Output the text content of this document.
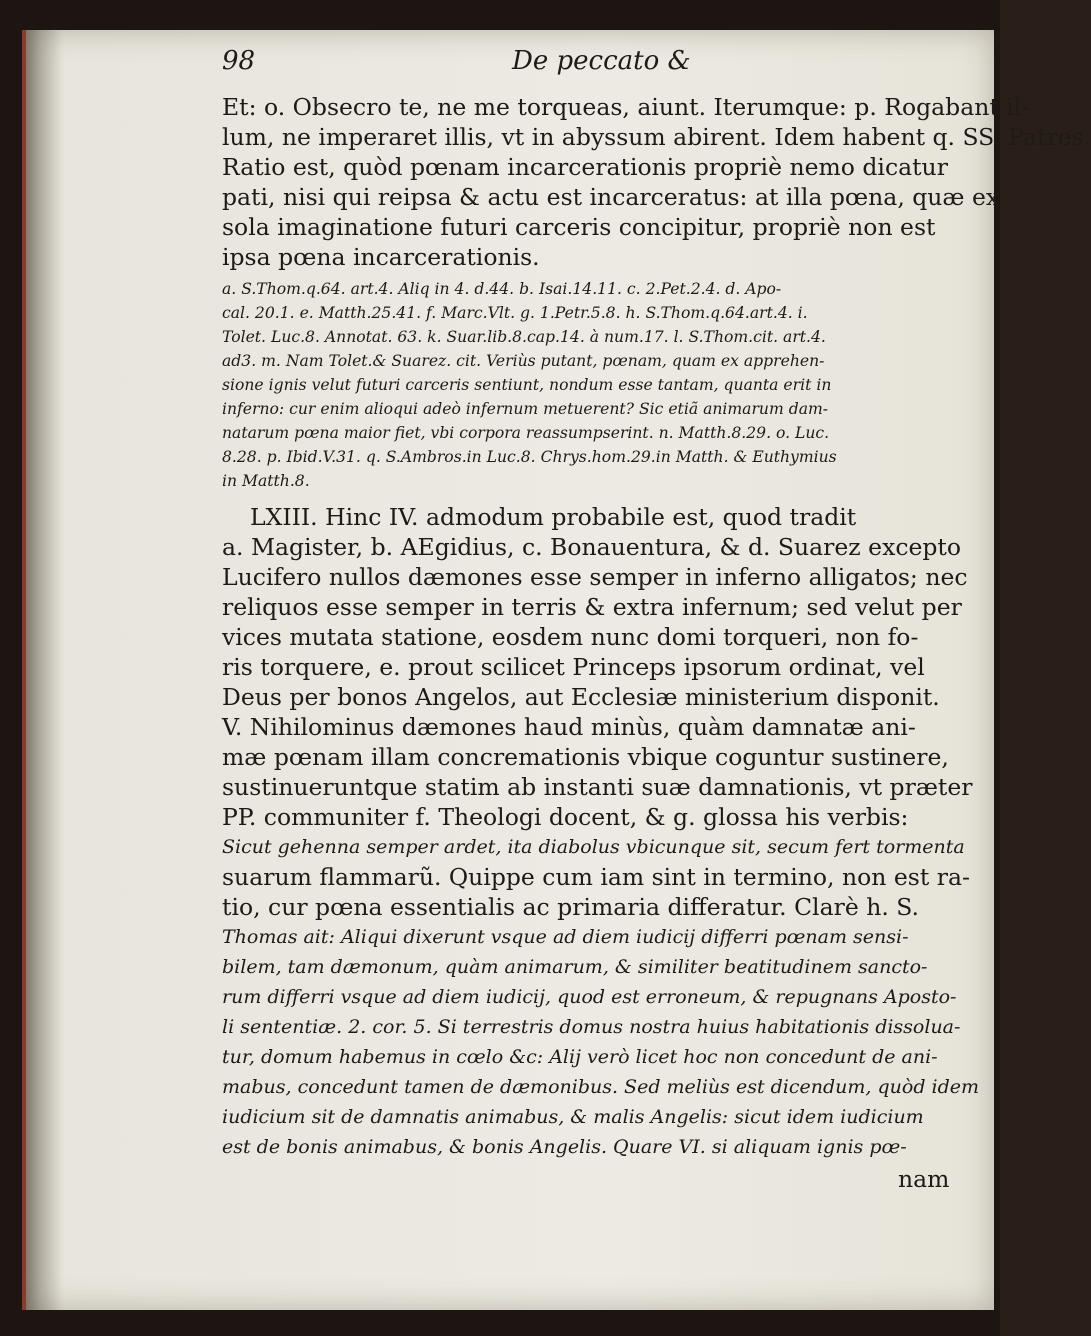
98	De peccato &
Et: o. Obsecro te, ne me torqueas, aiunt. Iterumque: p. Rogabant il-
lum, ne imperaret illis, vt in abyssum abirent. Idem habent q. SS. Patres.
Ratio est, quòd pœnam incarcerationis propriè nemo dicatur
pati, nisi qui reipsa & actu est incarceratus: at illa pœna, quæ ex
sola imaginatione futuri carceris concipitur, propriè non est
ipsa pœna incarcerationis.
a. S.Thom.q.64. art.4. Aliq in 4. d.44. b. Isai.14.11. c. 2.Pet.2.4. d. Apo-
cal. 20.1. e. Matth.25.41. f. Marc.Vlt. g. 1.Petr.5.8. h. S.Thom.q.64.art.4. i.
Tolet. Luc.8. Annotat. 63. k. Suar.lib.8.cap.14. à num.17. l. S.Thom.cit. art.4.
ad3. m. Nam Tolet.& Suarez. cit. Veriùs putant, pœnam, quam ex apprehen-
sione ignis velut futuri carceris sentiunt, nondum esse tantam, quanta erit in
inferno: cur enim alioqui adeò infernum metuerent? Sic etiã animarum dam-
natarum pœna maior fiet, vbi corpora reassumpserint. n. Matth.8.29. o. Luc.
8.28. p. Ibid.V.31. q. S.Ambros.in Luc.8. Chrys.hom.29.in Matth. & Euthymius
in Matth.8.
LXIII. Hinc IV. admodum probabile est, quod tradit
a. Magister, b. AEgidius, c. Bonauentura, & d. Suarez excepto
Lucifero nullos dæmones esse semper in inferno alligatos; nec
reliquos esse semper in terris & extra infernum; sed velut per
vices mutata statione, eosdem nunc domi torqueri, non fo-
ris torquere, e. prout scilicet Princeps ipsorum ordinat, vel
Deus per bonos Angelos, aut Ecclesiæ ministerium disponit.
V. Nihilominus dæmones haud minùs, quàm damnatæ ani-
mæ pœnam illam concremationis vbique coguntur sustinere,
sustinueruntque statim ab instanti suæ damnationis, vt præter
PP. communiter f. Theologi docent, & g. glossa his verbis:
Sicut gehenna semper ardet, ita diabolus vbicunque sit, secum fert tormenta
suarum flammarũ. Quippe cum iam sint in termino, non est ra-
tio, cur pœna essentialis ac primaria differatur. Clarè h. S.
Thomas ait: Aliqui dixerunt vsque ad diem iudicij differri pœnam sensi-
bilem, tam dæmonum, quàm animarum, & similiter beatitudinem sancto-
rum differri vsque ad diem iudicij, quod est erroneum, & repugnans Aposto-
li sententiæ. 2. cor. 5. Si terrestris domus nostra huius habitationis dissolua-
tur, domum habemus in cœlo &c: Alij verò licet hoc non concedunt de ani-
mabus, concedunt tamen de dæmonibus. Sed meliùs est dicendum, quòd idem
iudicium sit de damnatis animabus, & malis Angelis: sicut idem iudicium
est de bonis animabus, & bonis Angelis. Quare VI. si aliquam ignis pœ-
nam
